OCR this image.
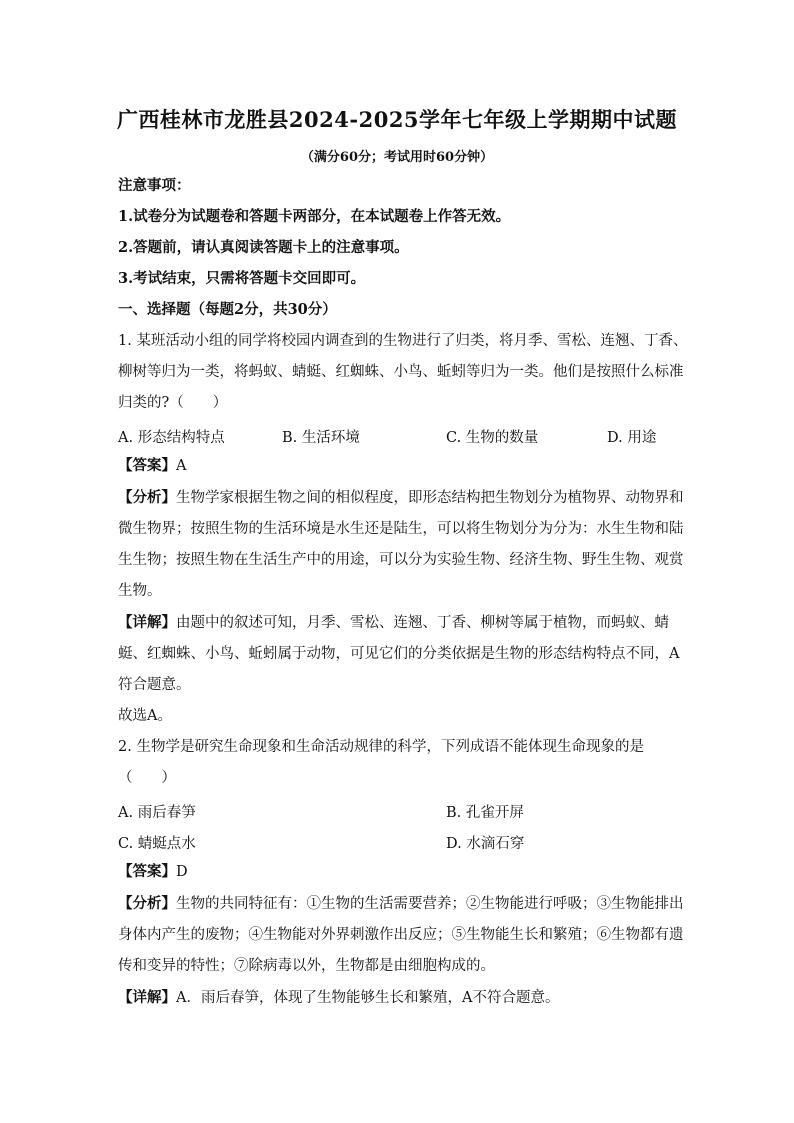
广西桂林市龙胜县2024-2025学年七年级上学期期中试题
（满分60分；考试用时60分钟）
注意事项：
1.试卷分为试题卷和答题卡两部分，在本试题卷上作答无效。
2.答题前，请认真阅读答题卡上的注意事项。
3.考试结束，只需将答题卡交回即可。
一、选择题（每题2分，共30分）
1. 某班活动小组的同学将校园内调查到的生物进行了归类，将月季、雪松、连翘、丁香、
柳树等归为一类，将蚂蚁、蜻蜓、红蜘蛛、小鸟、蚯蚓等归为一类。他们是按照什么标准
归类的?（　　）
A. 形态结构特点	B. 生活环境	C. 生物的数量	D. 用途
【答案】A
【分析】生物学家根据生物之间的相似程度，即形态结构把生物划分为植物界、动物界和
微生物界；按照生物的生活环境是水生还是陆生，可以将生物划分为分为：水生生物和陆
生生物；按照生物在生活生产中的用途，可以分为实验生物、经济生物、野生生物、观赏
生物。
【详解】由题中的叙述可知，月季、雪松、连翘、丁香、柳树等属于植物，而蚂蚁、蜻
蜓、红蜘蛛、小鸟、蚯蚓属于动物，可见它们的分类依据是生物的形态结构特点不同，A
符合题意。
故选A。
2. 生物学是研究生命现象和生命活动规律的科学，下列成语不能体现生命现象的是
（　　）
A. 雨后春笋	B. 孔雀开屏
C. 蜻蜓点水	D. 水滴石穿
【答案】D
【分析】生物的共同特征有：①生物的生活需要营养；②生物能进行呼吸；③生物能排出
身体内产生的废物；④生物能对外界刺激作出反应；⑤生物能生长和繁殖；⑥生物都有遗
传和变异的特性；⑦除病毒以外，生物都是由细胞构成的。
【详解】A．雨后春笋，体现了生物能够生长和繁殖，A不符合题意。
